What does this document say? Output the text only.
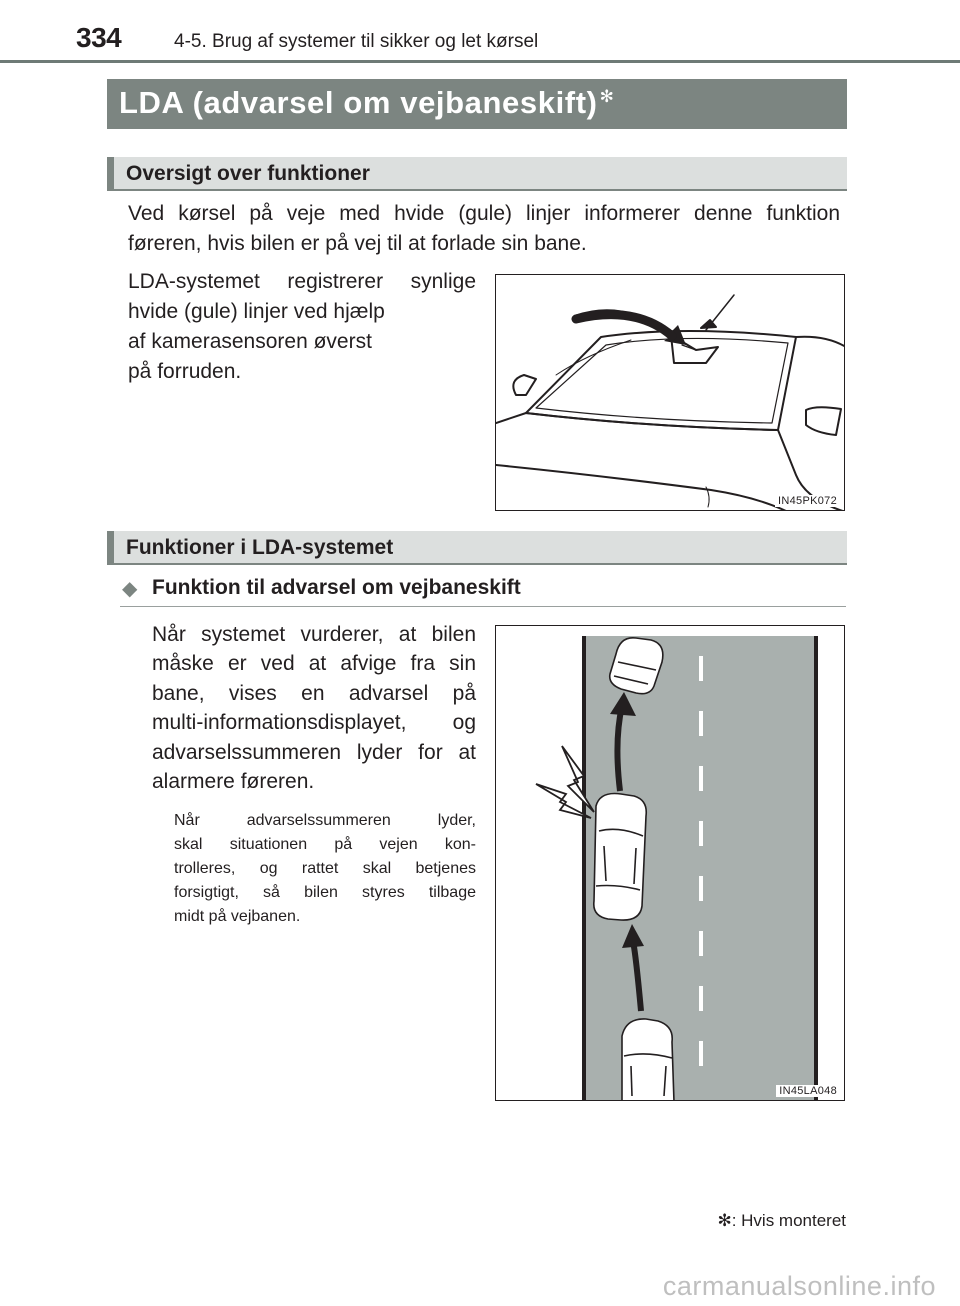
334	4-5. Brug af systemer til sikker og let kørsel
LDA (advarsel om vejbaneskift) ✻
Oversigt over funktioner
Ved kørsel på veje med hvide (gule) linjer informerer denne funktion
føreren, hvis bilen er på vej til at forlade sin bane.
LDA-systemet registrerer synlige
hvide (gule) linjer ved hjælp
af kamerasensoren øverst
på forruden.
IN45PK072
Funktioner i LDA-systemet
◆ Funktion til advarsel om vejbaneskift
Når systemet vurderer, at bilen
måske er ved at afvige fra sin
bane, vises en advarsel på
multi-informationsdisplayet, og
advarselssummeren lyder for at
alarmere føreren.
Når advarselssummeren lyder,
skal situationen på vejen kon-
trolleres, og rattet skal betjenes
forsigtigt, så bilen styres tilbage
midt på vejbanen.
IN45LA048
✻: Hvis monteret
carmanualsonline.info
